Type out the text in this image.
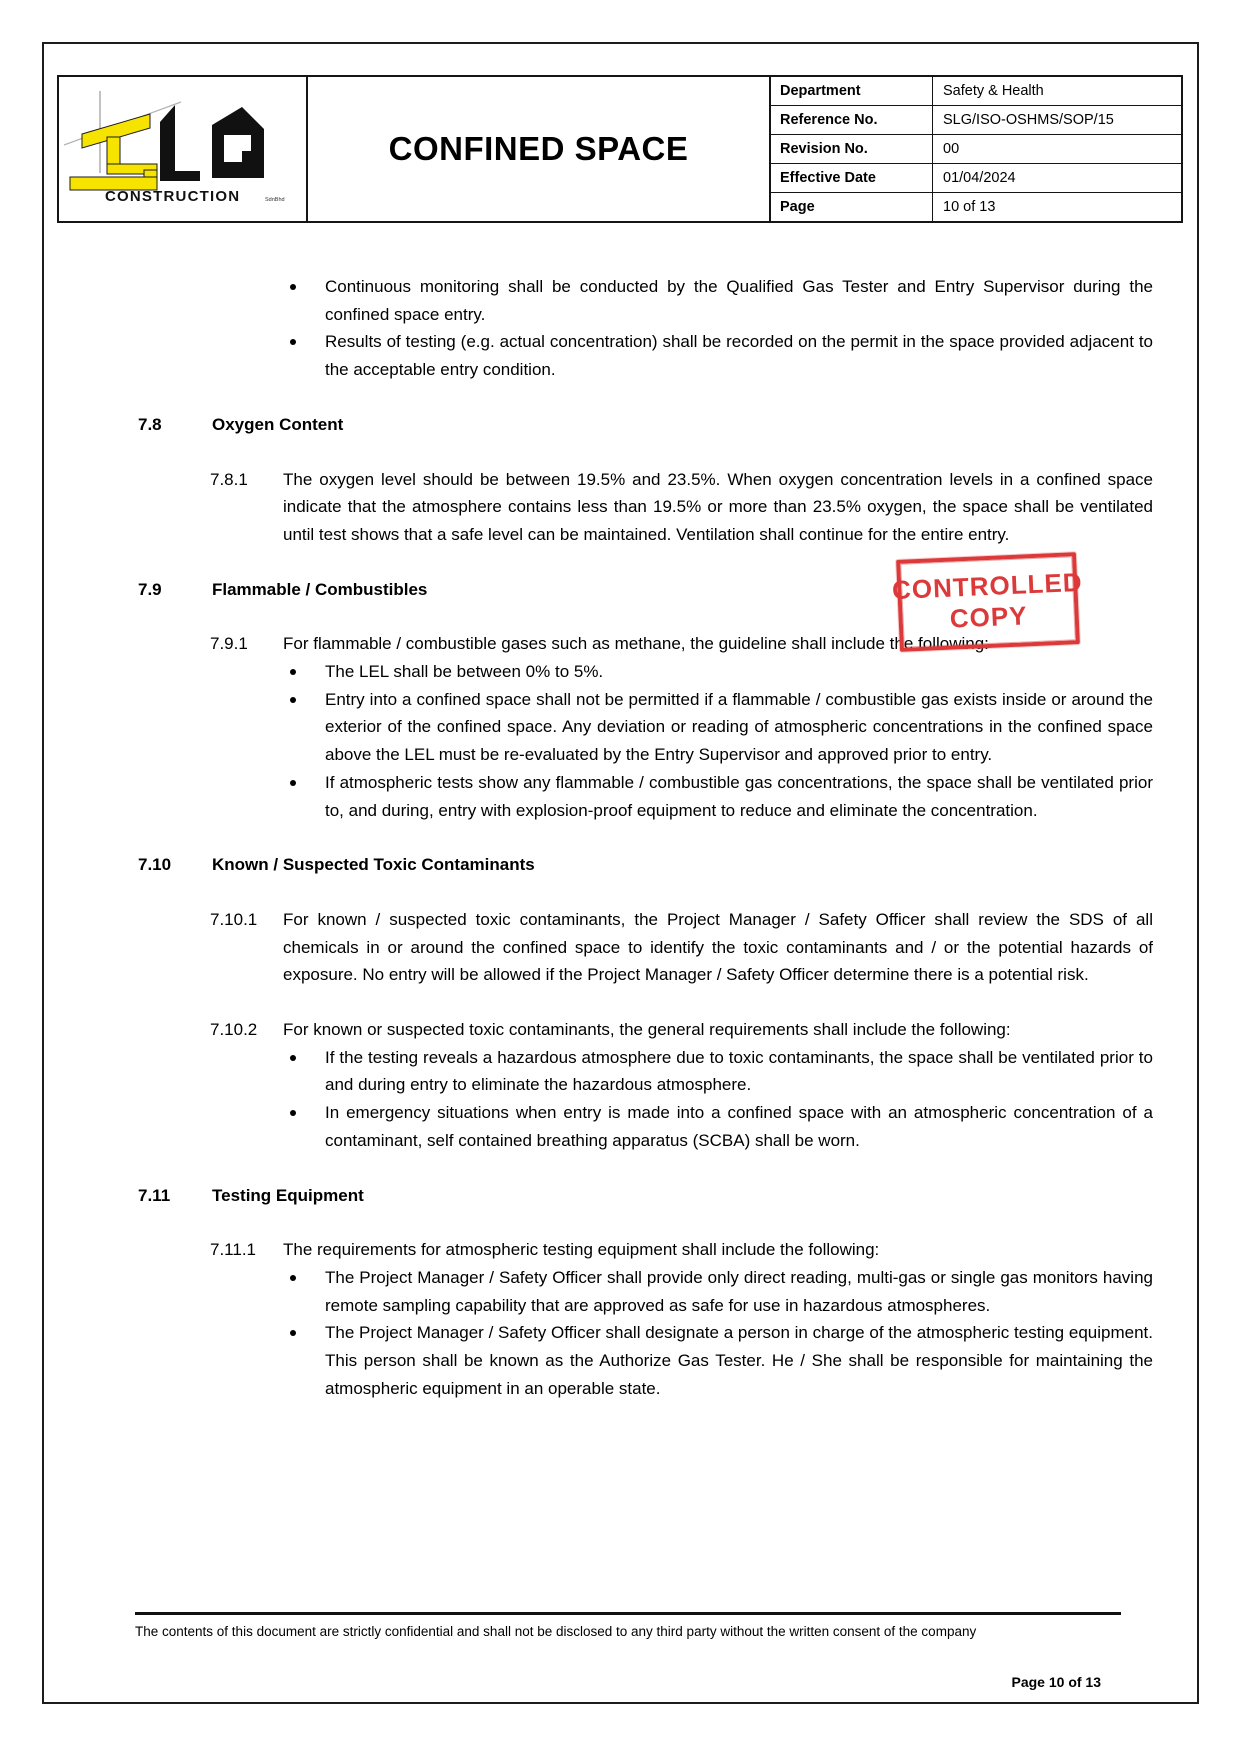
CONSTRUCTION	SdnBhd
CONFINED SPACE
Department	Safety & Health
Reference No.	SLG/ISO-OSHMS/SOP/15
Revision No.	00
Effective Date	01/04/2024
Page	10 of 13
Continuous monitoring shall be conducted by the Qualified Gas Tester and Entry Supervisor during the confined space entry.
Results of testing (e.g. actual concentration) shall be recorded on the permit in the space provided adjacent to the acceptable entry condition.
7.8	Oxygen Content
7.8.1	The oxygen level should be between 19.5% and 23.5%. When oxygen concentration levels in a confined space indicate that the atmosphere contains less than 19.5% or more than 23.5% oxygen, the space shall be ventilated until test shows that a safe level can be maintained. Ventilation shall continue for the entire entry.
7.9	Flammable / Combustibles
7.9.1	For flammable / combustible gases such as methane, the guideline shall include the following:
The LEL shall be between 0% to 5%.
Entry into a confined space shall not be permitted if a flammable / combustible gas exists inside or around the exterior of the confined space. Any deviation or reading of atmospheric concentrations in the confined space above the LEL must be re-evaluated by the Entry Supervisor and approved prior to entry.
If atmospheric tests show any flammable / combustible gas concentrations, the space shall be ventilated prior to, and during, entry with explosion-proof equipment to reduce and eliminate the concentration.
7.10	Known / Suspected Toxic Contaminants
7.10.1	For known / suspected toxic contaminants, the Project Manager / Safety Officer shall review the SDS of all chemicals in or around the confined space to identify the toxic contaminants and / or the potential hazards of exposure. No entry will be allowed if the Project Manager / Safety Officer determine there is a potential risk.
7.10.2	For known or suspected toxic contaminants, the general requirements shall include the following:
If the testing reveals a hazardous atmosphere due to toxic contaminants, the space shall be ventilated prior to and during entry to eliminate the hazardous atmosphere.
In emergency situations when entry is made into a confined space with an atmospheric concentration of a contaminant, self contained breathing apparatus (SCBA) shall be worn.
7.11	Testing Equipment
7.11.1	The requirements for atmospheric testing equipment shall include the following:
The Project Manager / Safety Officer shall provide only direct reading, multi-gas or single gas monitors having remote sampling capability that are approved as safe for use in hazardous atmospheres.
The Project Manager / Safety Officer shall designate a person in charge of the atmospheric testing equipment. This person shall be known as the Authorize Gas Tester. He / She shall be responsible for maintaining the atmospheric equipment in an operable state.
CONTROLLED
COPY
The contents of this document are strictly confidential and shall not be disclosed to any third party without the written consent of the company
Page 10 of 13
